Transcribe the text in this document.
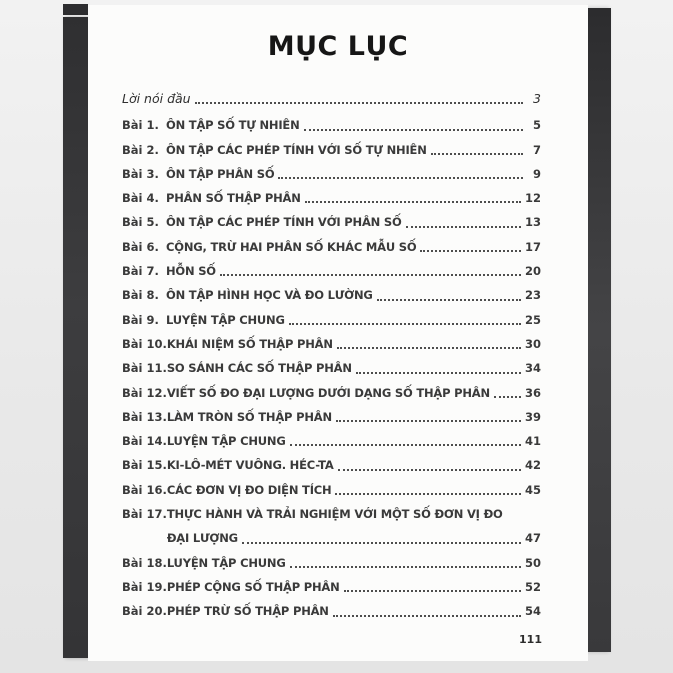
MỤC LỤC
Lời nói đầu	3
Bài 1. ÔN TẬP SỐ TỰ NHIÊN	5
Bài 2. ÔN TẬP CÁC PHÉP TÍNH VỚI SỐ TỰ NHIÊN	7
Bài 3. ÔN TẬP PHÂN SỐ	9
Bài 4. PHÂN SỐ THẬP PHÂN	12
Bài 5. ÔN TẬP CÁC PHÉP TÍNH VỚI PHÂN SỐ	13
Bài 6. CỘNG, TRỪ HAI PHÂN SỐ KHÁC MẪU SỐ	17
Bài 7. HỖN SỐ	20
Bài 8. ÔN TẬP HÌNH HỌC VÀ ĐO LƯỜNG	23
Bài 9. LUYỆN TẬP CHUNG	25
Bài 10. KHÁI NIỆM SỐ THẬP PHÂN	30
Bài 11. SO SÁNH CÁC SỐ THẬP PHÂN	34
Bài 12. VIẾT SỐ ĐO ĐẠI LƯỢNG DƯỚI DẠNG SỐ THẬP PHÂN	36
Bài 13. LÀM TRÒN SỐ THẬP PHÂN	39
Bài 14. LUYỆN TẬP CHUNG	41
Bài 15. KI-LÔ-MÉT VUÔNG. HÉC-TA	42
Bài 16. CÁC ĐƠN VỊ ĐO DIỆN TÍCH	45
Bài 17. THỰC HÀNH VÀ TRẢI NGHIỆM VỚI MỘT SỐ ĐƠN VỊ ĐO
ĐẠI LƯỢNG	47
Bài 18. LUYỆN TẬP CHUNG	50
Bài 19. PHÉP CỘNG SỐ THẬP PHÂN	52
Bài 20. PHÉP TRỪ SỐ THẬP PHÂN	54
111
